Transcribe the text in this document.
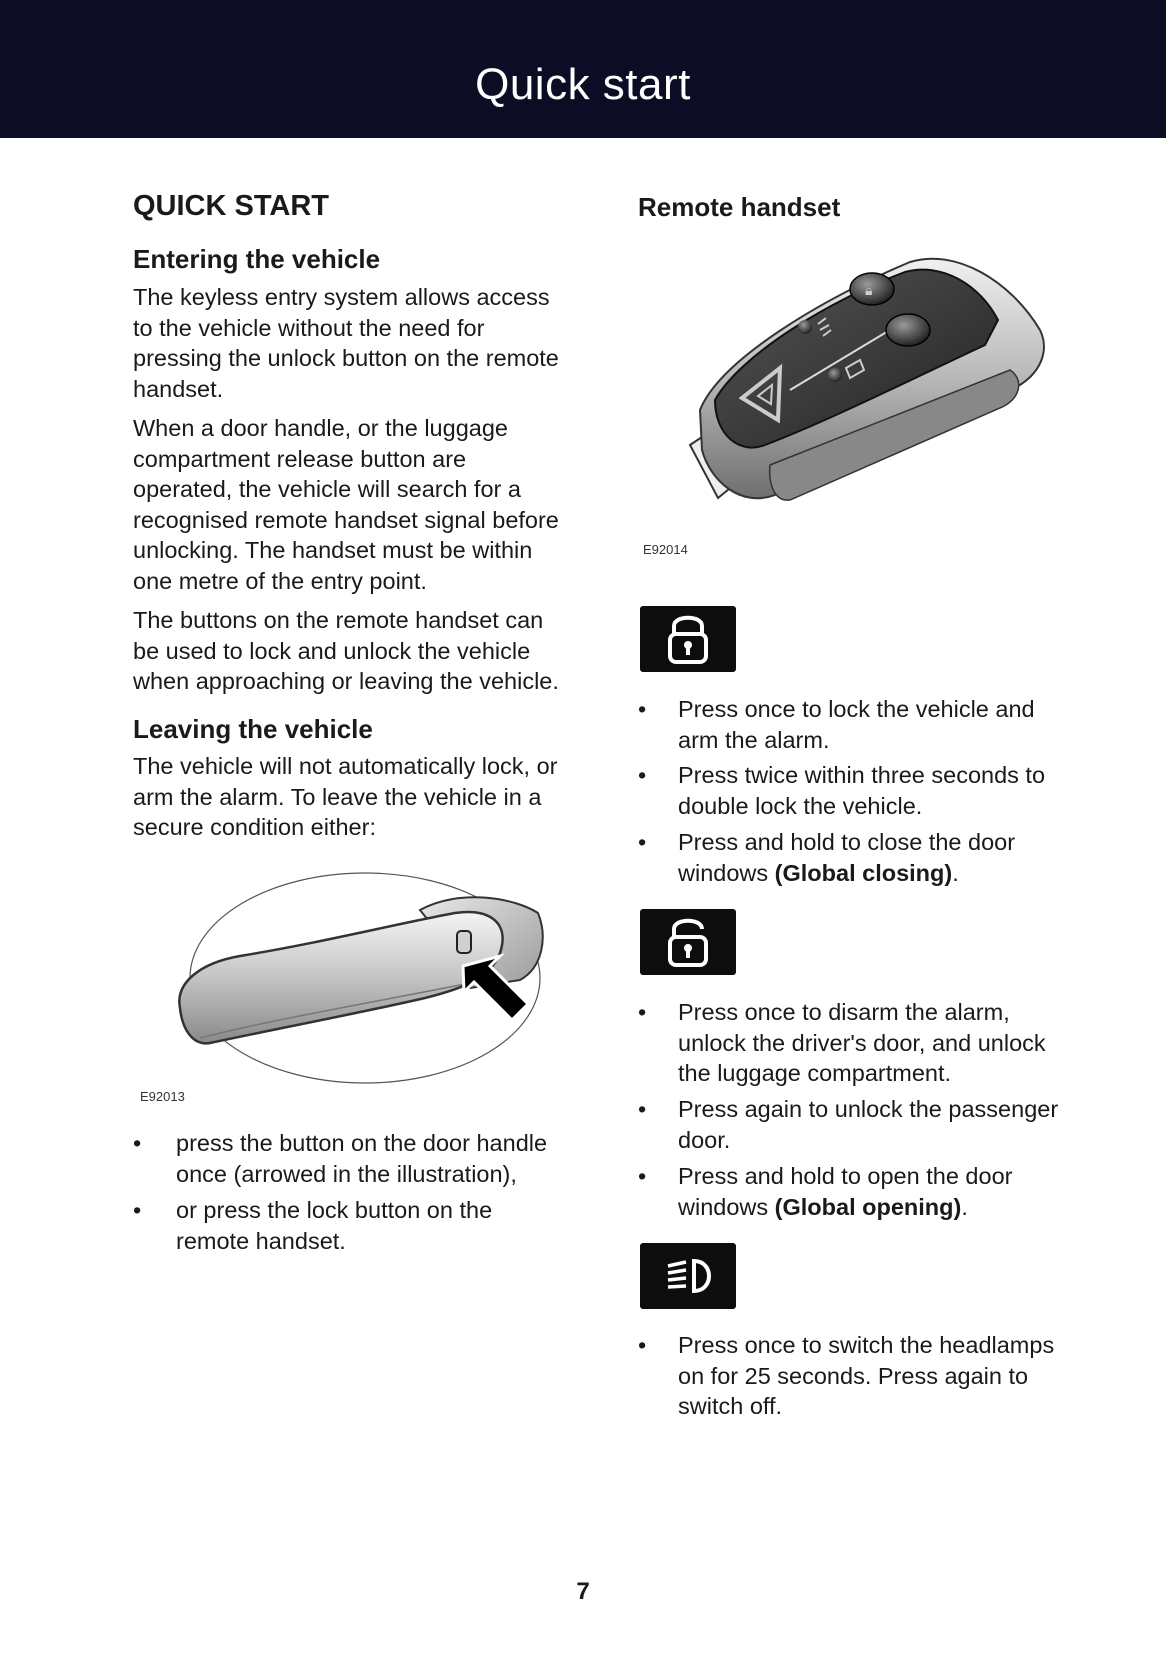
Quick start
QUICK START
Entering the vehicle
The keyless entry system allows access
to the vehicle without the need for
pressing the unlock button on the remote
handset.
When a door handle, or the luggage
compartment release button are
operated, the vehicle will search for a
recognised remote handset signal before
unlocking. The handset must be within
one metre of the entry point.
The buttons on the remote handset can
be used to lock and unlock the vehicle
when approaching or leaving the vehicle.
Leaving the vehicle
The vehicle will not automatically lock, or
arm the alarm. To leave the vehicle in a
secure condition either:
E92013
• press the button on the door handle
once (arrowed in the illustration),
• or press the lock button on the
remote handset.
Remote handset
🔒︎
E92014
• Press once to lock the vehicle and
arm the alarm.
• Press twice within three seconds to
double lock the vehicle.
• Press and hold to close the door
windows (Global closing).
• Press once to disarm the alarm,
unlock the driver's door, and unlock
the luggage compartment.
• Press again to unlock the passenger
door.
• Press and hold to open the door
windows (Global opening).
• Press once to switch the headlamps
on for 25 seconds. Press again to
switch off.
7
